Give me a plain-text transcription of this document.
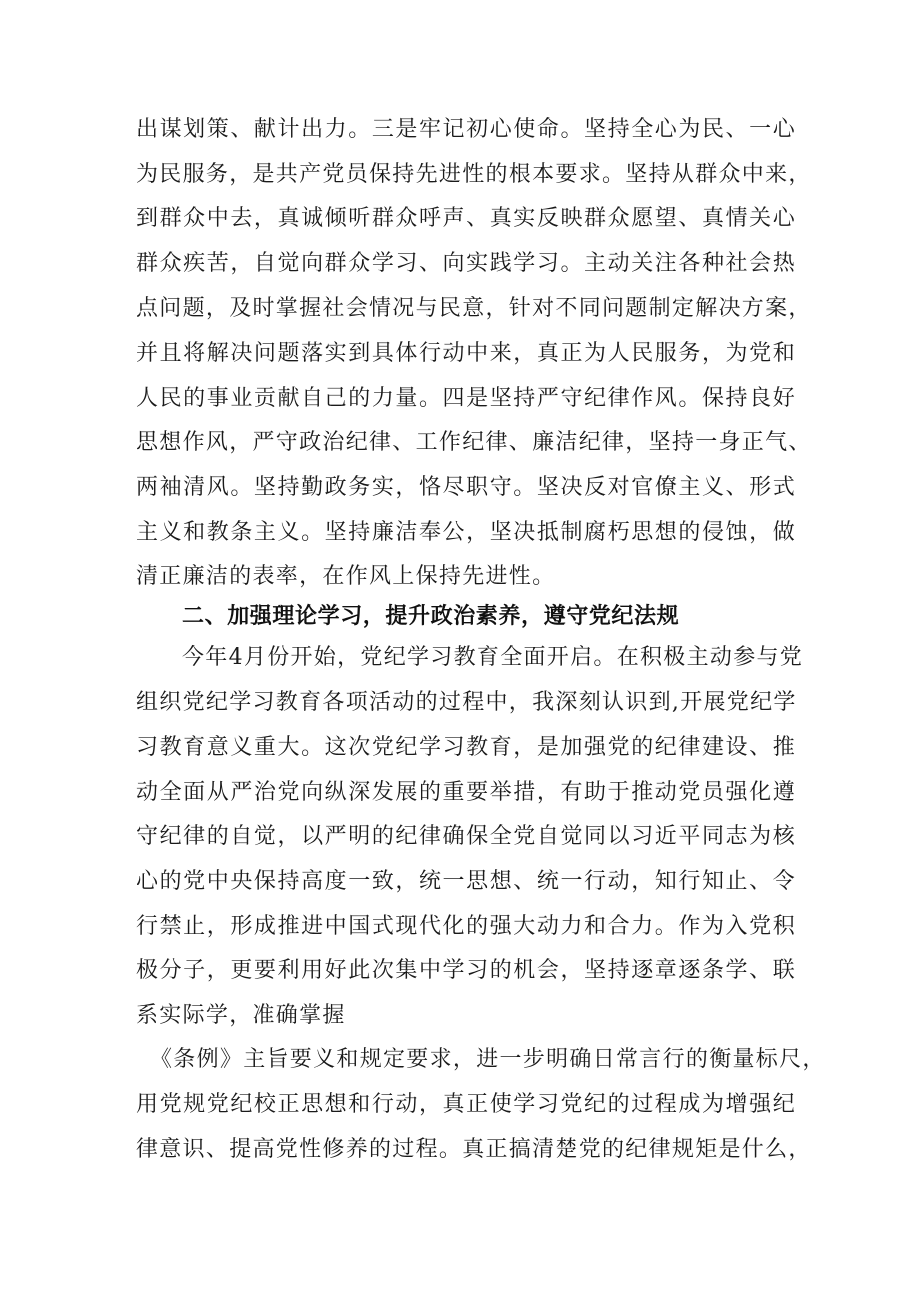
出谋划策、献计出力。三是牢记初心使命。坚持全心为民、一心
为民服务，是共产党员保持先进性的根本要求。坚持从群众中来，
到群众中去，真诚倾听群众呼声、真实反映群众愿望、真情关心
群众疾苦，自觉向群众学习、向实践学习。主动关注各种社会热
点问题，及时掌握社会情况与民意，针对不同问题制定解决方案，
并且将解决问题落实到具体行动中来，真正为人民服务，为党和
人民的事业贡献自己的力量。四是坚持严守纪律作风。保持良好
思想作风，严守政治纪律、工作纪律、廉洁纪律，坚持一身正气、
两袖清风。坚持勤政务实，恪尽职守。坚决反对官僚主义、形式
主义和教条主义。坚持廉洁奉公，坚决抵制腐朽思想的侵蚀，做
清正廉洁的表率，在作风上保持先进性。
二、加强理论学习，提升政治素养，遵守党纪法规
今年4月份开始，党纪学习教育全面开启。在积极主动参与党
组织党纪学习教育各项活动的过程中，我深刻认识到,开展党纪学
习教育意义重大。这次党纪学习教育，是加强党的纪律建设、推
动全面从严治党向纵深发展的重要举措，有助于推动党员强化遵
守纪律的自觉，以严明的纪律确保全党自觉同以习近平同志为核
心的党中央保持高度一致，统一思想、统一行动，知行知止、令
行禁止，形成推进中国式现代化的强大动力和合力。作为入党积
极分子，更要利用好此次集中学习的机会，坚持逐章逐条学、联
系实际学，准确掌握
《条例》主旨要义和规定要求，进一步明确日常言行的衡量标尺，
用党规党纪校正思想和行动，真正使学习党纪的过程成为增强纪
律意识、提高党性修养的过程。真正搞清楚党的纪律规矩是什么，
